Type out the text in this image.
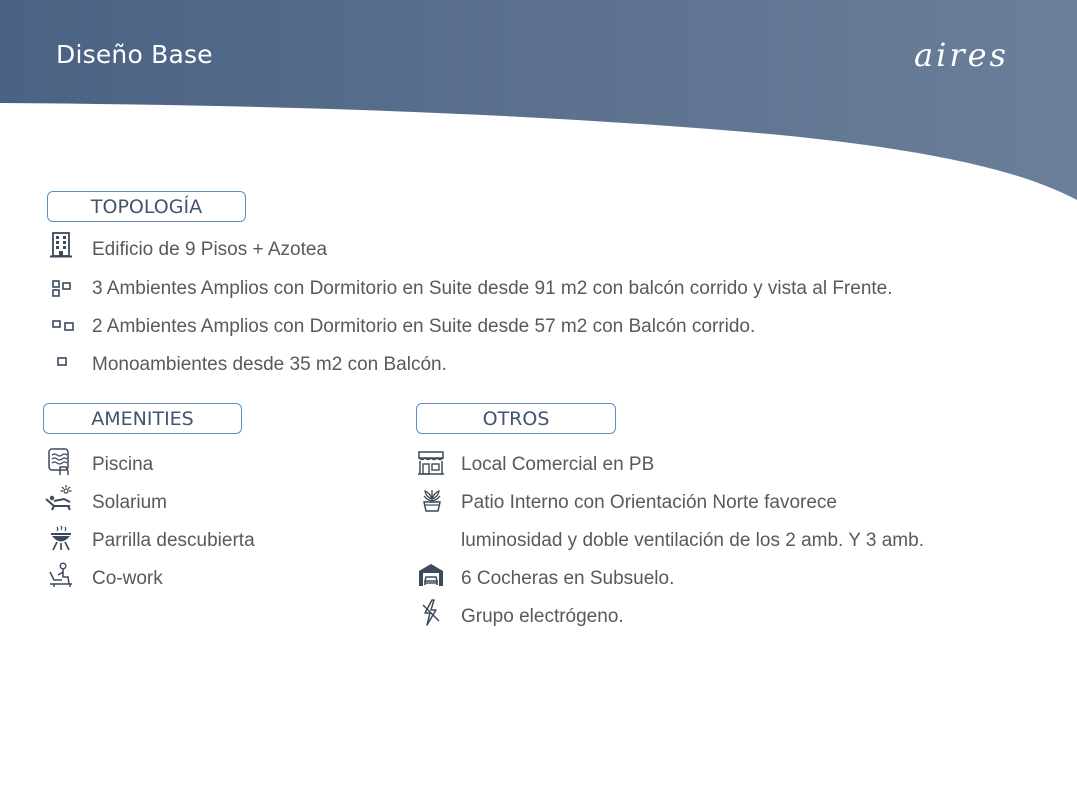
Diseño Base	aires
TOPOLOGÍA
Edificio de 9 Pisos + Azotea
3 Ambientes Amplios con Dormitorio en Suite desde 91 m2 con balcón corrido y vista al Frente.
2 Ambientes Amplios con Dormitorio en Suite desde 57 m2 con Balcón corrido.
Monoambientes desde 35 m2 con Balcón.
AMENITIES
Piscina
Solarium
Parrilla descubierta
Co-work
OTROS
Local Comercial en PB
Patio Interno con Orientación Norte favorece
luminosidad y doble ventilación de los 2 amb. Y 3 amb.
6 Cocheras en Subsuelo.
Grupo electrógeno.
